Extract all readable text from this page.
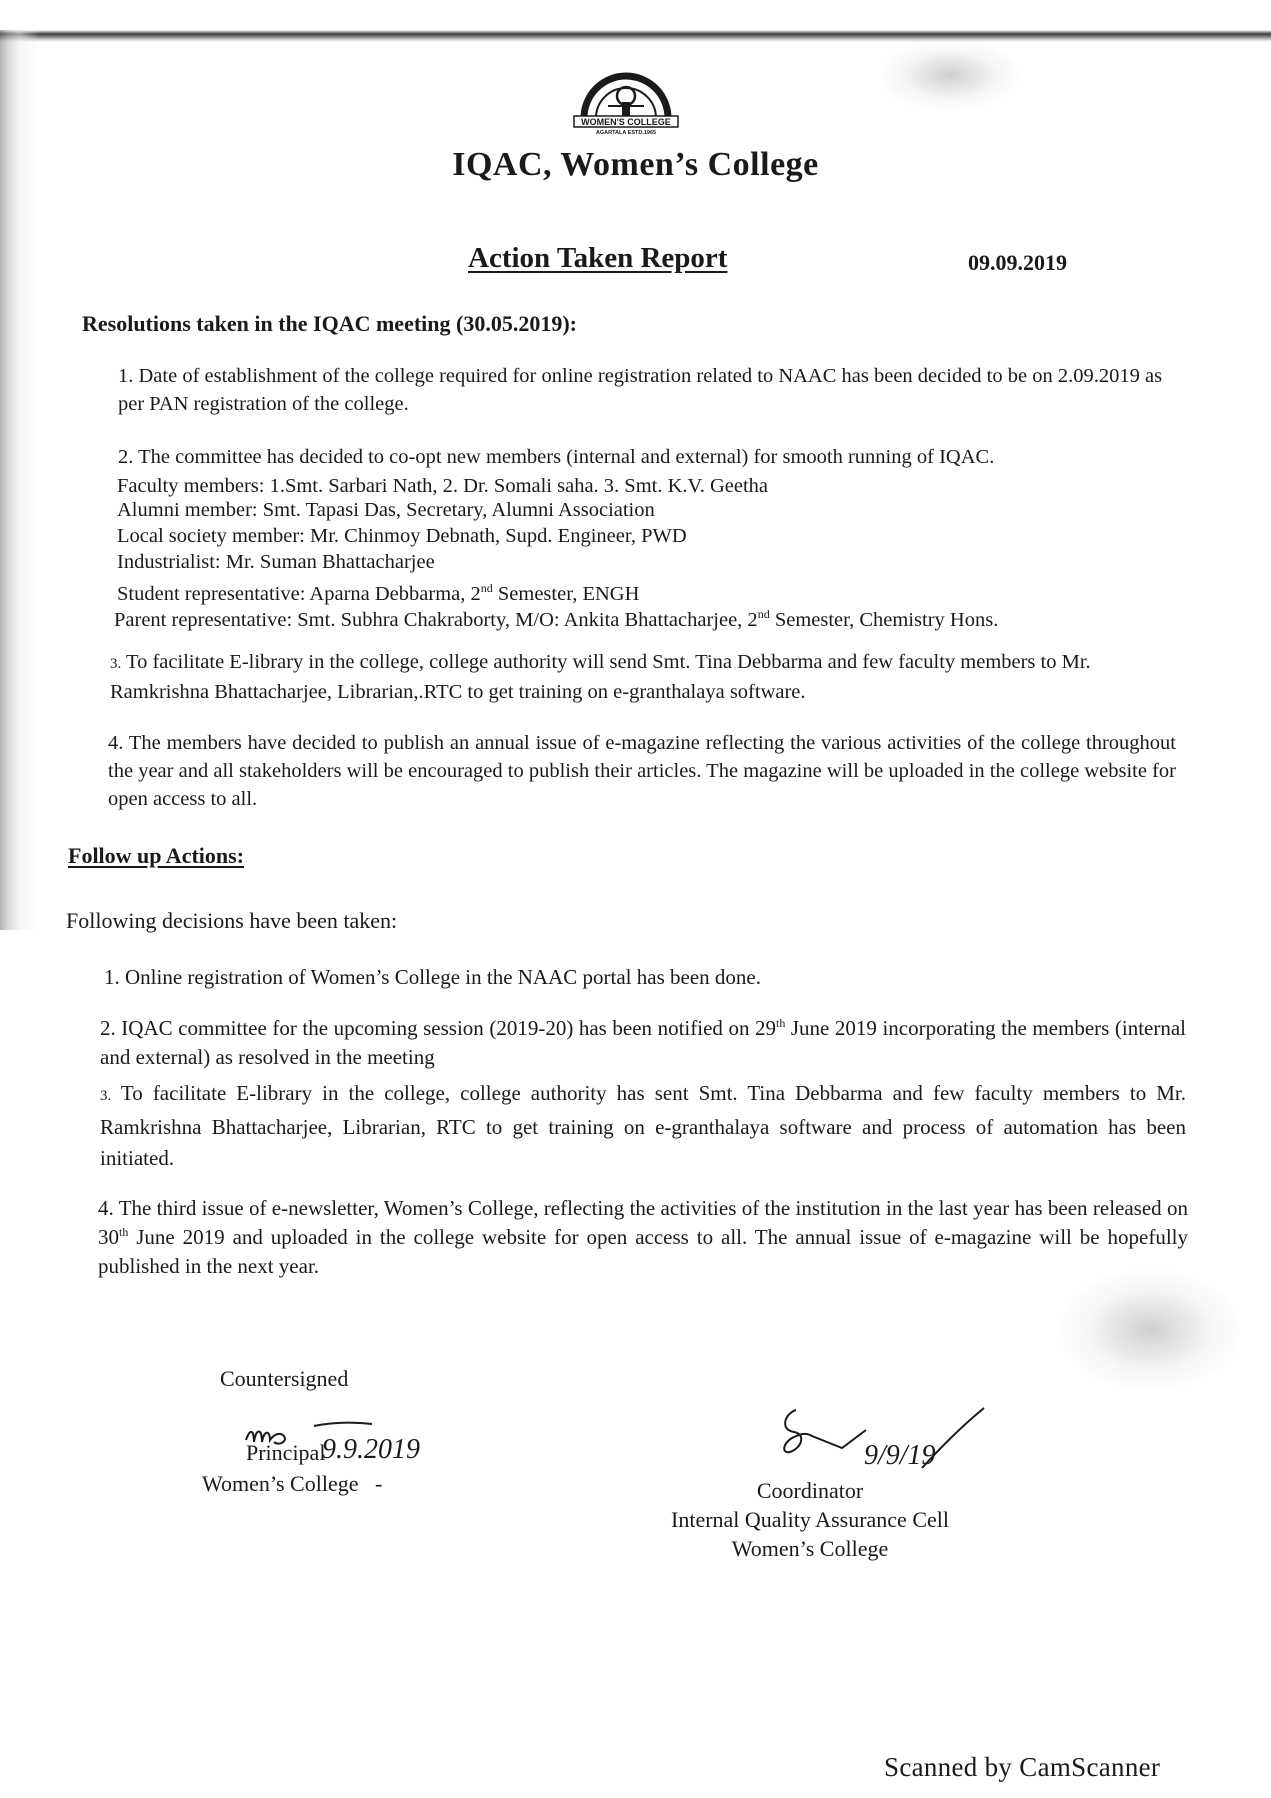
WOMEN'S COLLEGE
AGARTALA ESTD.1965
IQAC, Women’s College
Action Taken Report	09.09.2019
Resolutions taken in the IQAC meeting (30.05.2019):

1. Date of establishment of the college required for online registration related to NAAC has been decided to be on 2.09.2019 as per PAN registration of the college.

2. The committee has decided to co-opt new members (internal and external) for smooth running of IQAC.
Faculty members: 1.Smt. Sarbari Nath, 2. Dr. Somali saha. 3. Smt. K.V. Geetha
Alumni member: Smt. Tapasi Das, Secretary, Alumni Association
Local society member: Mr. Chinmoy Debnath, Supd. Engineer, PWD
Industrialist: Mr. Suman Bhattacharjee
Student representative: Aparna Debbarma, 2nd Semester, ENGH
Parent representative: Smt. Subhra Chakraborty, M/O: Ankita Bhattacharjee, 2nd Semester, Chemistry Hons.

3. To facilitate E-library in the college, college authority will send Smt. Tina Debbarma and few faculty members to Mr. Ramkrishna Bhattacharjee, Librarian,.RTC to get training on e-granthalaya software.

4. The members have decided to publish an annual issue of e-magazine reflecting the various activities of the college throughout the year and all stakeholders will be encouraged to publish their articles. The magazine will be uploaded in the college website for open access to all.

Follow up Actions:
Following decisions have been taken:
1. Online registration of Women’s College in the NAAC portal has been done.

2. IQAC committee for the upcoming session (2019-20) has been notified on 29th June 2019 incorporating the members (internal and external) as resolved in the meeting

3. To facilitate E-library in the college, college authority has sent Smt. Tina Debbarma and few faculty members to Mr. Ramkrishna Bhattacharjee, Librarian, RTC to get training on e-granthalaya software and process of automation has been initiated.

4. The third issue of e-newsletter, Women’s College, reflecting the activities of the institution in the last year has been released on 30th June 2019 and uploaded in the college website for open access to all. The annual issue of e-magazine will be hopefully published in the next year.

Countersigned
9.9.2019
Principal
Women’s College -
9/9/19
Coordinator
Internal Quality Assurance Cell
Women’s College
Scanned by CamScanner
